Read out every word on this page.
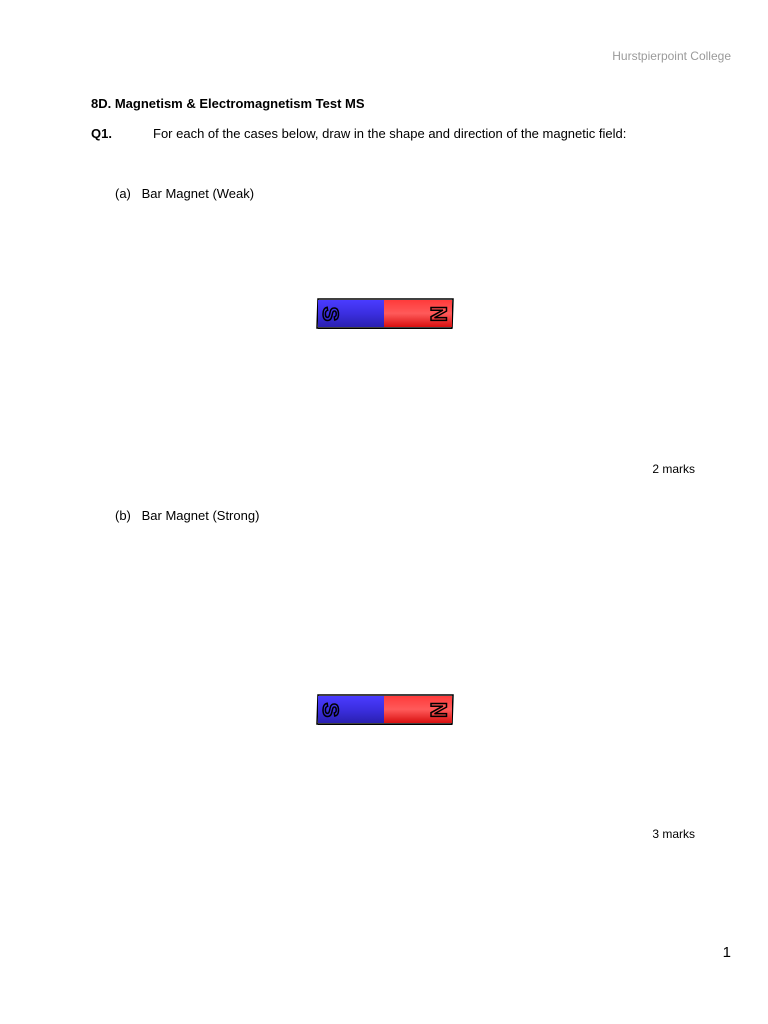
Hurstpierpoint College
8D. Magnetism & Electromagnetism Test MS
Q1.	For each of the cases below, draw in the shape and direction of the magnetic field:
(a) Bar Magnet (Weak)
S	N
2 marks
(b) Bar Magnet (Strong)
S	N
3 marks
1
